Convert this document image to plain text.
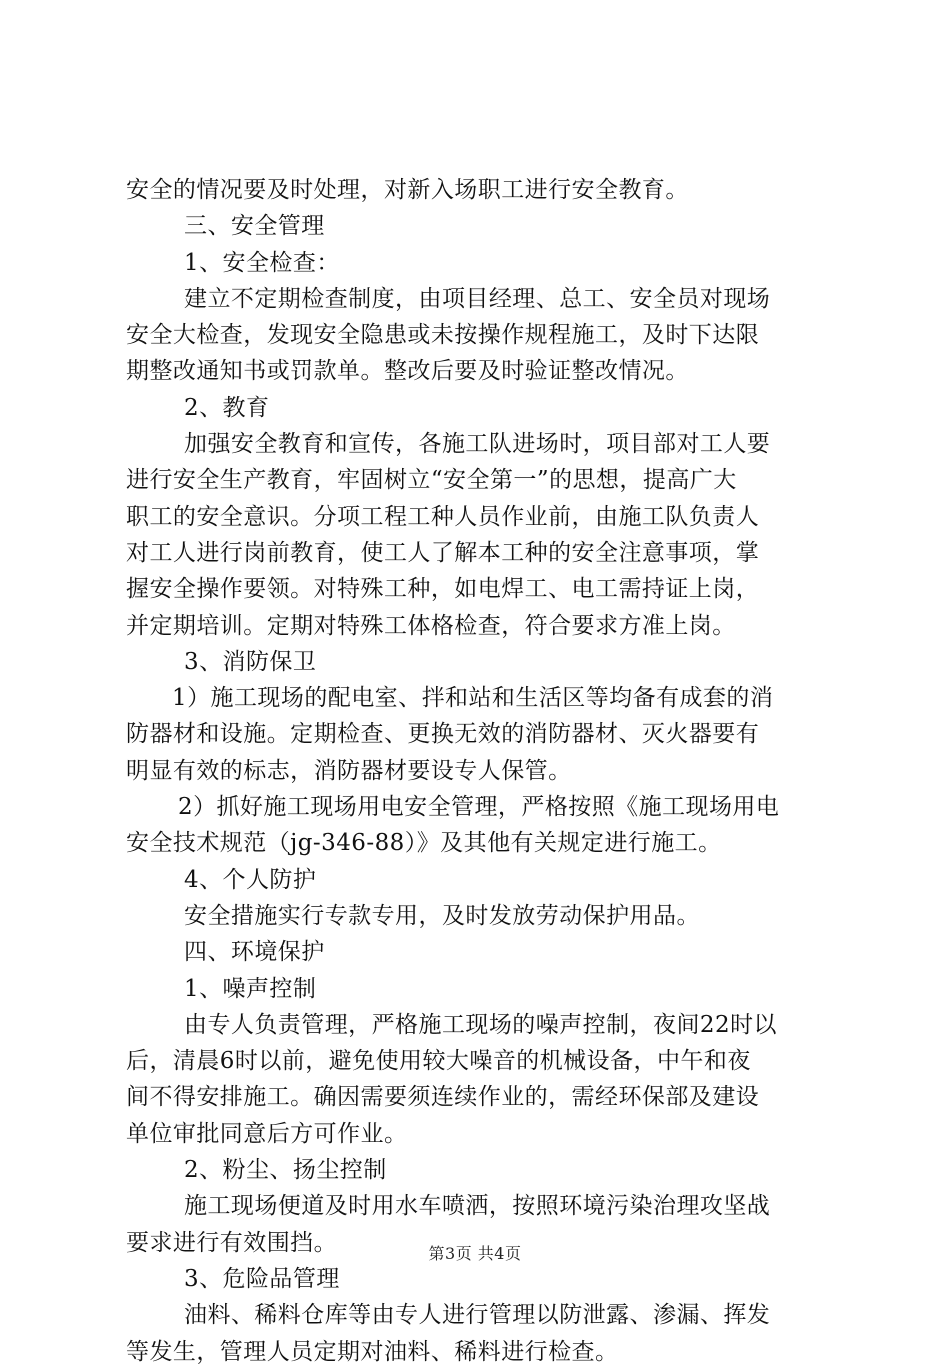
安全的情况要及时处理，对新入场职工进行安全教育。
三、安全管理
1、安全检查：
建立不定期检查制度，由项目经理、总工、安全员对现场
安全大检查，发现安全隐患或未按操作规程施工，及时下达限
期整改通知书或罚款单。整改后要及时验证整改情况。
2、教育
加强安全教育和宣传，各施工队进场时，项目部对工人要
进行安全生产教育，牢固树立“安全第一”的思想，提高广大
职工的安全意识。分项工程工种人员作业前，由施工队负责人
对工人进行岗前教育，使工人了解本工种的安全注意事项，掌
握安全操作要领。对特殊工种，如电焊工、电工需持证上岗，
并定期培训。定期对特殊工体格检查，符合要求方准上岗。
3、消防保卫
1）施工现场的配电室、拌和站和生活区等均备有成套的消
防器材和设施。定期检查、更换无效的消防器材、灭火器要有
明显有效的标志，消防器材要设专人保管。
2）抓好施工现场用电安全管理，严格按照《施工现场用电
安全技术规范（jg-346-88）》及其他有关规定进行施工。
4、个人防护
安全措施实行专款专用，及时发放劳动保护用品。
四、环境保护
1、噪声控制
由专人负责管理，严格施工现场的噪声控制，夜间22时以
后，清晨6时以前，避免使用较大噪音的机械设备，中午和夜
间不得安排施工。确因需要须连续作业的，需经环保部及建设
单位审批同意后方可作业。
2、粉尘、扬尘控制
施工现场便道及时用水车喷洒，按照环境污染治理攻坚战
要求进行有效围挡。
3、危险品管理
油料、稀料仓库等由专人进行管理以防泄露、渗漏、挥发
等发生，管理人员定期对油料、稀料进行检查。
第3页 共4页
